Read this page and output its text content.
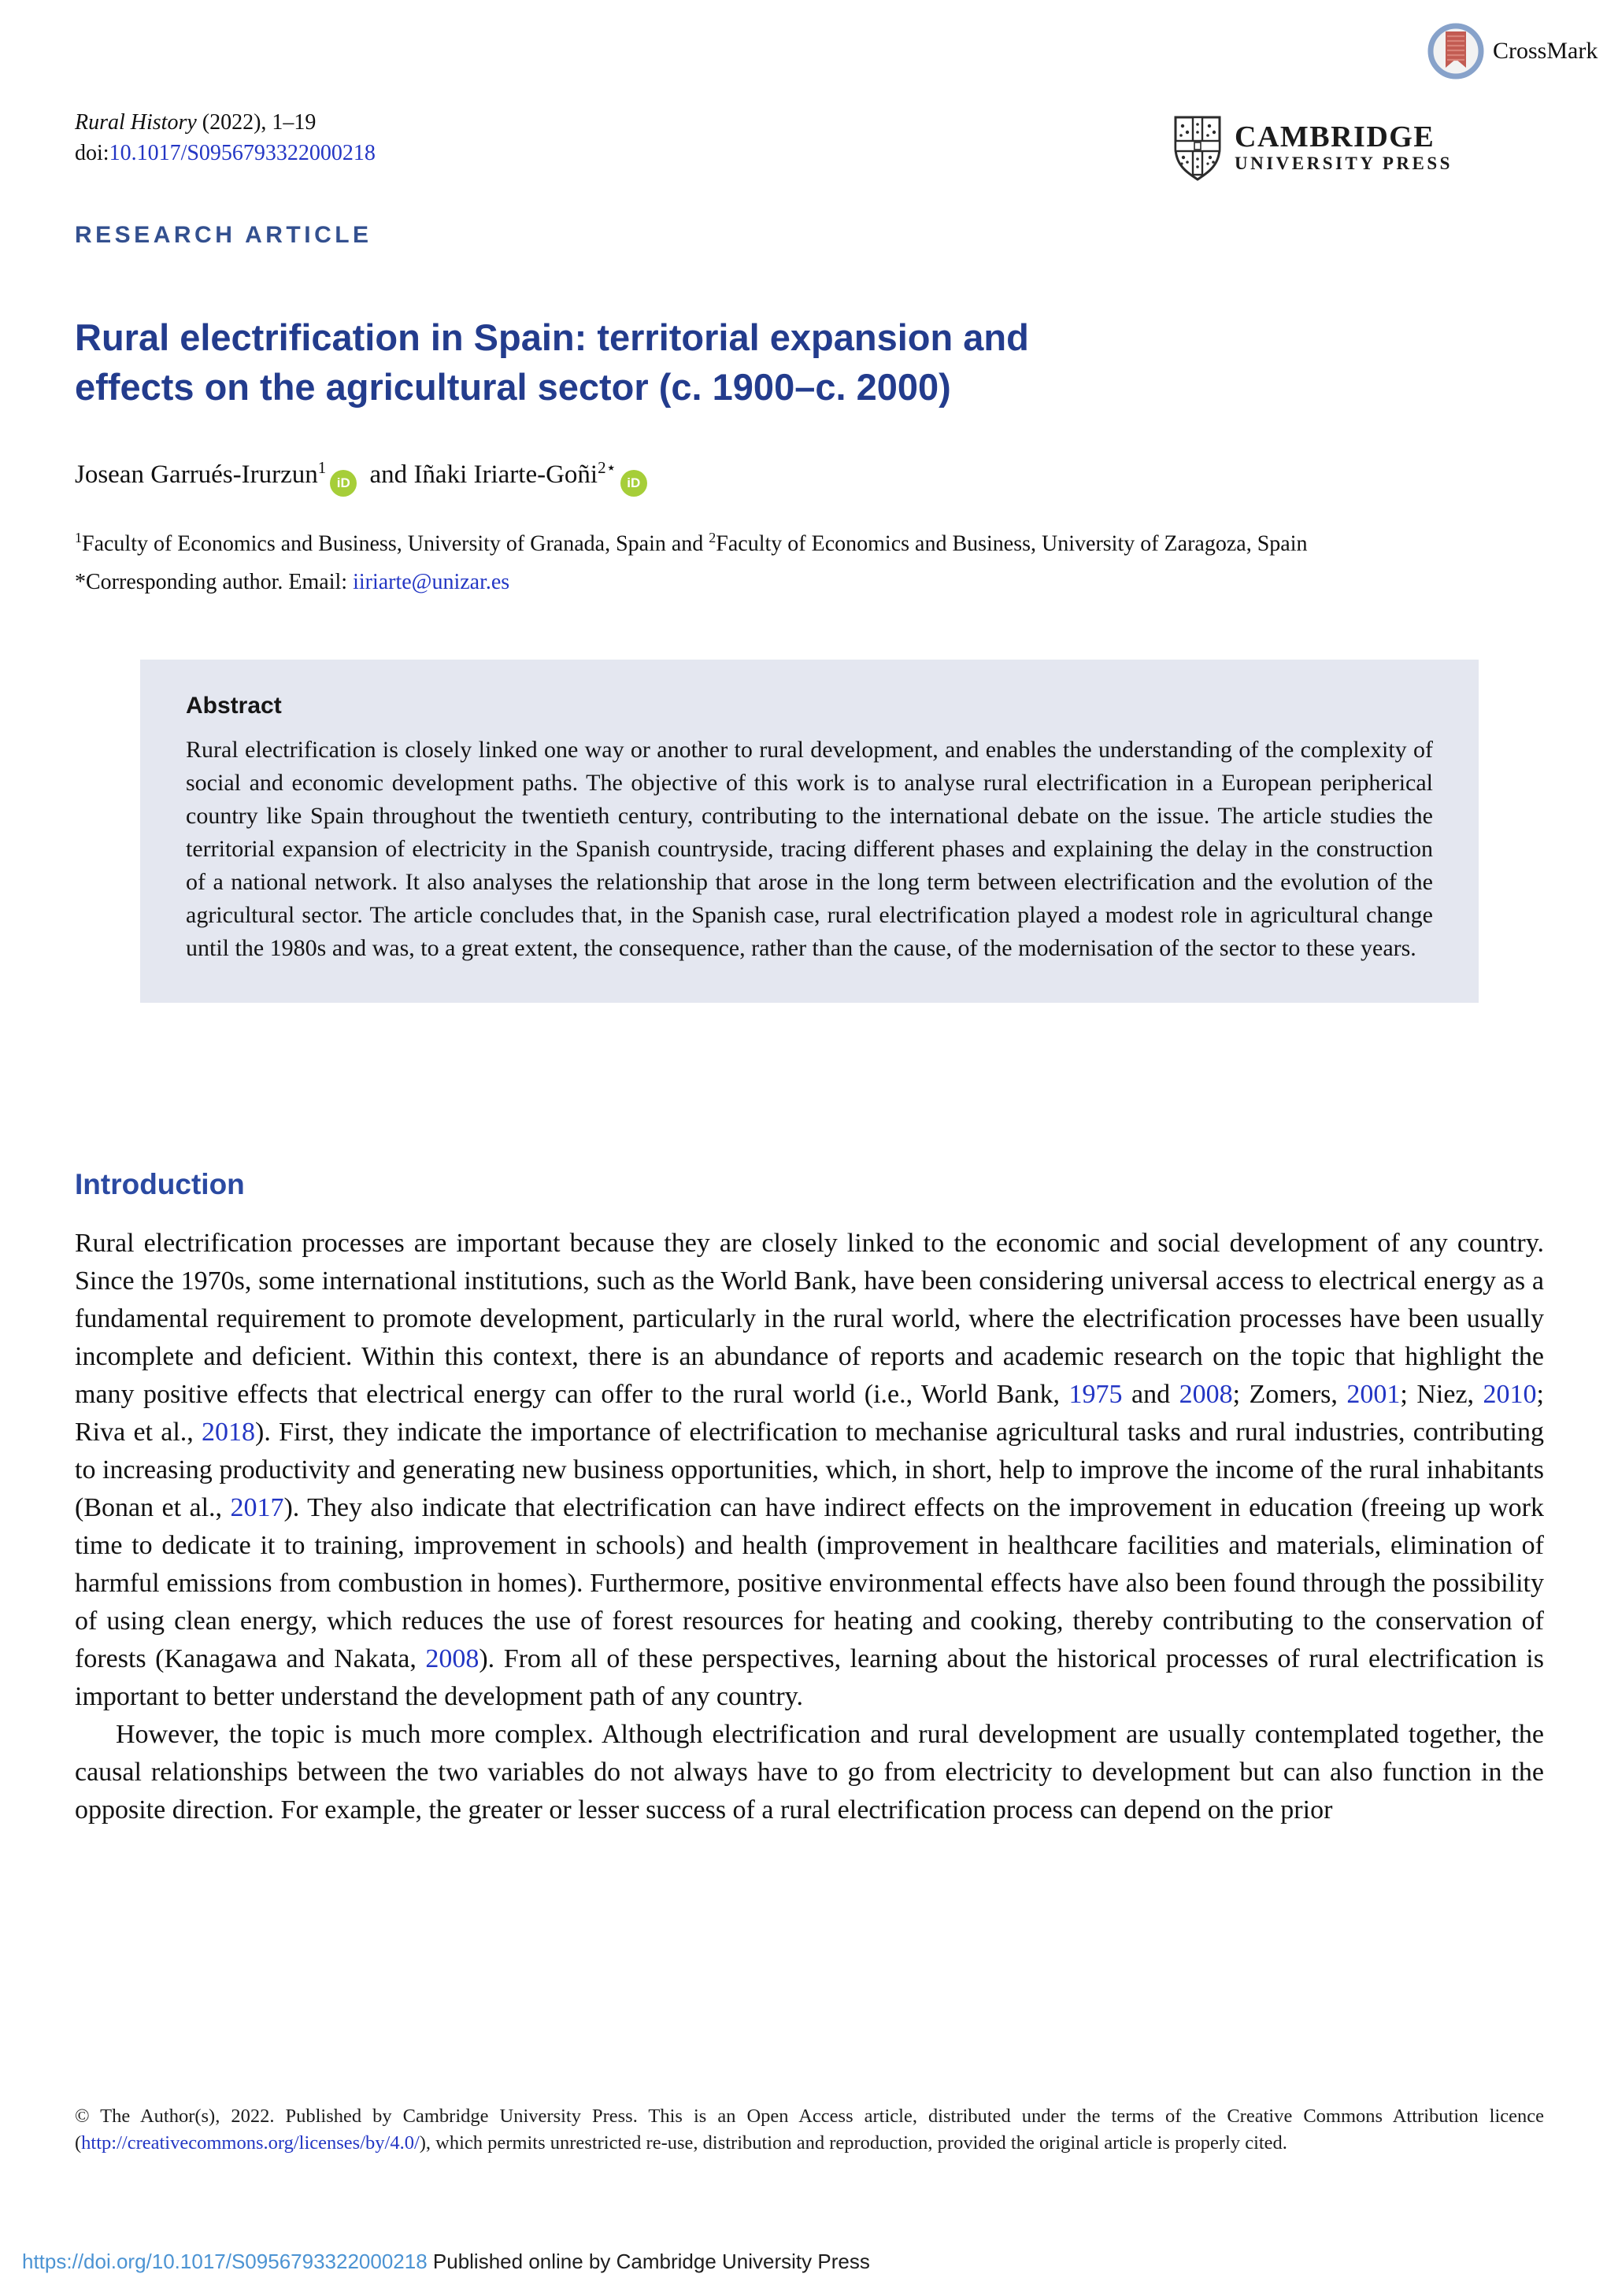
Rural History (2022), 1–19
doi:10.1017/S0956793322000218
CrossMark
CAMBRIDGE
UNIVERSITY PRESS
RESEARCH ARTICLE
Rural electrification in Spain: territorial expansion and
effects on the agricultural sector (c. 1900–c. 2000)
Josean Garrués-Irurzun$^1$iD and Iñaki Iriarte-Goñi$^{2⋆}$iD
$^1$Faculty of Economics and Business, University of Granada, Spain and $^2$Faculty of Economics and Business, University of Zaragoza, Spain
*Corresponding author. Email: iiriarte@unizar.es
Abstract
Rural electrification is closely linked one way or another to rural development, and enables the understanding of the complexity of social and economic development paths. The objective of this work is to analyse rural electrification in a European peripherical country like Spain throughout the twentieth century, contributing to the international debate on the issue. The article studies the territorial expansion of electricity in the Spanish countryside, tracing different phases and explaining the delay in the construction of a national network. It also analyses the relationship that arose in the long term between electrification and the evolution of the agricultural sector. The article concludes that, in the Spanish case, rural electrification played a modest role in agricultural change until the 1980s and was, to a great extent, the consequence, rather than the cause, of the modernisation of the sector to these years.
Introduction

Rural electrification processes are important because they are closely linked to the economic and social development of any country. Since the 1970s, some international institutions, such as the World Bank, have been considering universal access to electrical energy as a fundamental requirement to promote development, particularly in the rural world, where the electrification processes have been usually incomplete and deficient. Within this context, there is an abundance of reports and academic research on the topic that highlight the many positive effects that electrical energy can offer to the rural world (i.e., World Bank, 1975 and 2008; Zomers, 2001; Niez, 2010; Riva et al., 2018). First, they indicate the importance of electrification to mechanise agricultural tasks and rural industries, contributing to increasing productivity and generating new business opportunities, which, in short, help to improve the income of the rural inhabitants (Bonan et al., 2017). They also indicate that electrification can have indirect effects on the improvement in education (freeing up work time to dedicate it to training, improvement in schools) and health (improvement in healthcare facilities and materials, elimination of harmful emissions from combustion in homes). Furthermore, positive environmental effects have also been found through the possibility of using clean energy, which reduces the use of forest resources for heating and cooking, thereby contributing to the conservation of forests (Kanagawa and Nakata, 2008). From all of these perspectives, learning about the historical processes of rural electrification is important to better understand the development path of any country.

However, the topic is much more complex. Although electrification and rural development are usually contemplated together, the causal relationships between the two variables do not always have to go from electricity to development but can also function in the opposite direction. For example, the greater or lesser success of a rural electrification process can depend on the prior

© The Author(s), 2022. Published by Cambridge University Press. This is an Open Access article, distributed under the terms of the Creative Commons Attribution licence (http://creativecommons.org/licenses/by/4.0/), which permits unrestricted re-use, distribution and reproduction, provided the original article is properly cited.
https://doi.org/10.1017/S0956793322000218 Published online by Cambridge University Press
